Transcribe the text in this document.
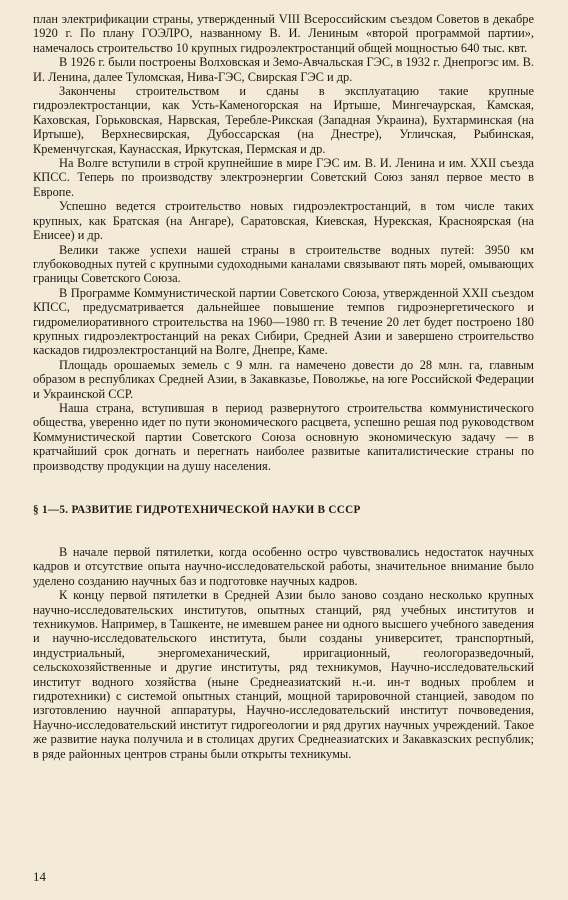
план электрификации страны, утвержденный VIII Всероссийским съездом Советов в декабре 1920 г. По плану ГОЭЛРО, названному В. И. Лениным «второй программой партии», намечалось строительство 10 крупных гидроэлектростанций общей мощностью 640 тыс. квт.

В 1926 г. были построены Волховская и Земо-Авчальская ГЭС, в 1932 г. Днепрогэс им. В. И. Ленина, далее Туломская, Нива-ГЭС, Свирская ГЭС и др.

Закончены строительством и сданы в эксплуатацию такие крупные гидроэлектростанции, как Усть-Каменогорская на Иртыше, Мингечаурская, Камская, Каховская, Горьковская, Нарвская, Теребле-Рикская (Западная Украина), Бухтарминская (на Иртыше), Верхнесвирская, Дубоссарская (на Днестре), Угличская, Рыбинская, Кременчугская, Каунасская, Иркутская, Пермская и др.

На Волге вступили в строй крупнейшие в мире ГЭС им. В. И. Ленина и им. XXII съезда КПСС. Теперь по производству электроэнергии Советский Союз занял первое место в Европе.

Успешно ведется строительство новых гидроэлектростанций, в том числе таких крупных, как Братская (на Ангаре), Саратовская, Киевская, Нурекская, Красноярская (на Енисее) и др.

Велики также успехи нашей страны в строительстве водных путей: 3950 км глубоководных путей с крупными судоходными каналами связывают пять морей, омывающих границы Советского Союза.

В Программе Коммунистической партии Советского Союза, утвержденной XXII съездом КПСС, предусматривается дальнейшее повышение темпов гидроэнергетического и гидромелиоративного строительства на 1960—1980 гг. В течение 20 лет будет построено 180 крупных гидроэлектростанций на реках Сибири, Средней Азии и завершено строительство каскадов гидроэлектростанций на Волге, Днепре, Каме.

Площадь орошаемых земель с 9 млн. га намечено довести до 28 млн. га, главным образом в республиках Средней Азии, в Закавказье, Поволжье, на юге Российской Федерации и Украинской ССР.

Наша страна, вступившая в период развернутого строительства коммунистического общества, уверенно идет по пути экономического расцвета, успешно решая под руководством Коммунистической партии Советского Союза основную экономическую задачу — в кратчайший срок догнать и перегнать наиболее развитые капиталистические страны по производству продукции на душу населения.

§ 1—5. РАЗВИТИЕ ГИДРОТЕХНИЧЕСКОЙ НАУКИ В СССР

В начале первой пятилетки, когда особенно остро чувствовались недостаток научных кадров и отсутствие опыта научно-исследовательской работы, значительное внимание было уделено созданию научных баз и подготовке научных кадров.

К концу первой пятилетки в Средней Азии было заново создано несколько крупных научно-исследовательских институтов, опытных станций, ряд учебных институтов и техникумов. Например, в Ташкенте, не имевшем ранее ни одного высшего учебного заведения и научно-исследовательского института, были созданы университет, транспортный, индустриальный, энергомеханический, ирригационный, геологоразведочный, сельскохозяйственные и другие институты, ряд техникумов, Научно-исследовательский институт водного хозяйства (ныне Среднеазиатский н.-и. ин-т водных проблем и гидротехники) с системой опытных станций, мощной тарировочной станцией, заводом по изготовлению научной аппаратуры, Научно-исследовательский институт почвоведения, Научно-исследовательский институт гидрогеологии и ряд других научных учреждений. Такое же развитие наука получила и в столицах других Среднеазиатских и Закавказских республик; в ряде районных центров страны были открыты техникумы.

14
